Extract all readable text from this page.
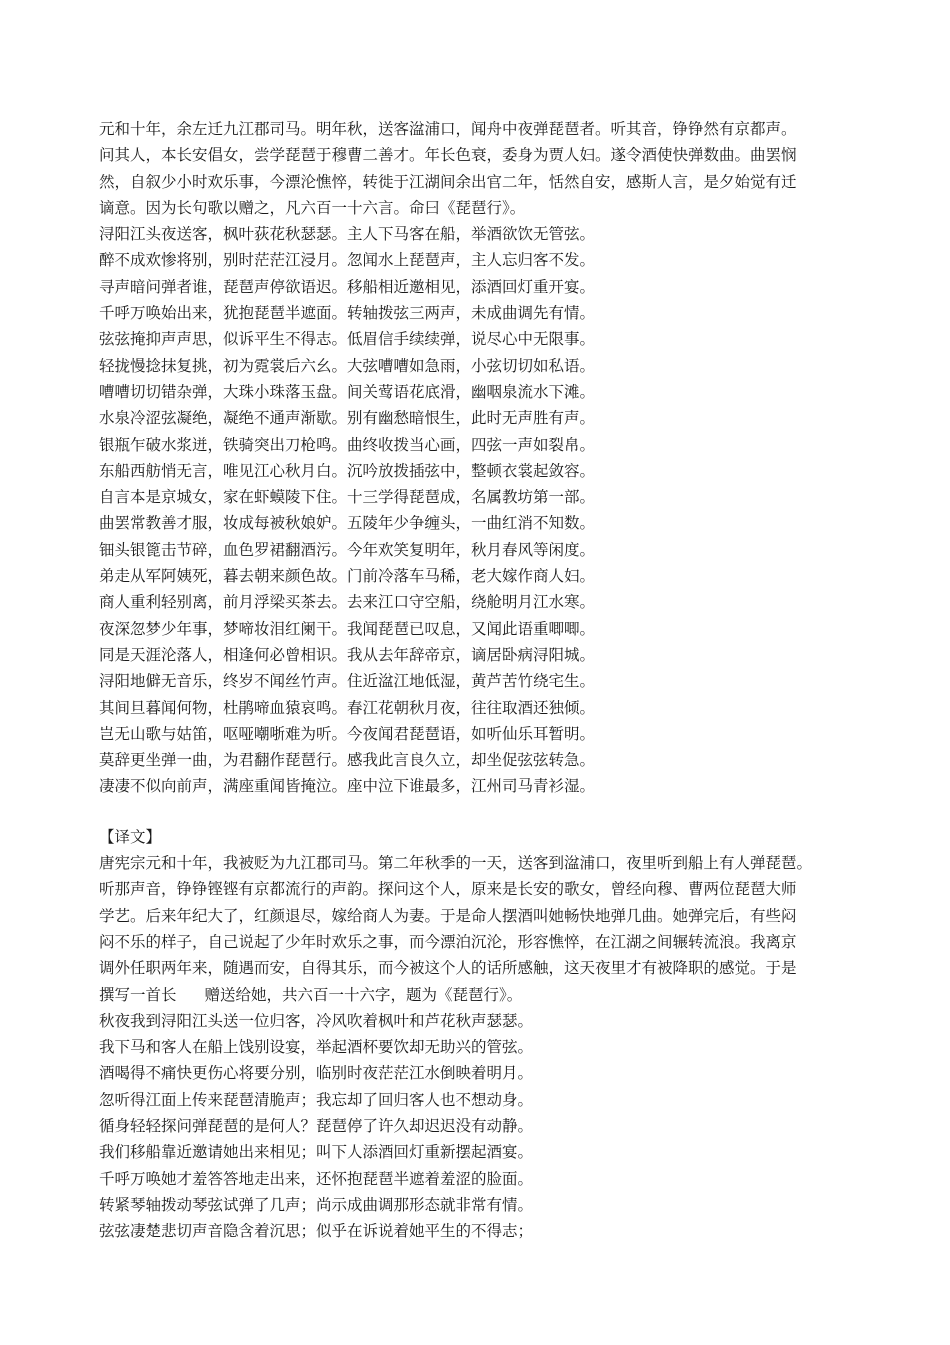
元和十年，余左迁九江郡司马。明年秋，送客湓浦口，闻舟中夜弹琵琶者。听其音，铮铮然有京都声。

问其人，本长安倡女，尝学琵琶于穆曹二善才。年长色衰，委身为贾人妇。遂令酒使快弹数曲。曲罢悯

然，自叙少小时欢乐事，今漂沦憔悴，转徙于江湖间余出官二年，恬然自安，感斯人言，是夕始觉有迁

谪意。因为长句歌以赠之，凡六百一十六言。命曰《琵琶行》。

浔阳江头夜送客，枫叶荻花秋瑟瑟。主人下马客在船，举酒欲饮无管弦。

醉不成欢惨将别，别时茫茫江浸月。忽闻水上琵琶声，主人忘归客不发。

寻声暗问弹者谁，琵琶声停欲语迟。移船相近邀相见，添酒回灯重开宴。

千呼万唤始出来，犹抱琵琶半遮面。转轴拨弦三两声，未成曲调先有情。

弦弦掩抑声声思，似诉平生不得志。低眉信手续续弹，说尽心中无限事。

轻拢慢捻抹复挑，初为霓裳后六幺。大弦嘈嘈如急雨，小弦切切如私语。

嘈嘈切切错杂弹，大珠小珠落玉盘。间关莺语花底滑，幽咽泉流水下滩。

水泉冷涩弦凝绝，凝绝不通声渐歇。别有幽愁暗恨生，此时无声胜有声。

银瓶乍破水浆迸，铁骑突出刀枪鸣。曲终收拨当心画，四弦一声如裂帛。

东船西舫悄无言，唯见江心秋月白。沉吟放拨插弦中，整顿衣裳起敛容。

自言本是京城女，家在虾蟆陵下住。十三学得琵琶成，名属教坊第一部。

曲罢常教善才服，妆成每被秋娘妒。五陵年少争缠头，一曲红消不知数。

钿头银篦击节碎，血色罗裙翻酒污。今年欢笑复明年，秋月春风等闲度。

弟走从军阿姨死，暮去朝来颜色故。门前冷落车马稀，老大嫁作商人妇。

商人重利轻别离，前月浮梁买茶去。去来江口守空船，绕舱明月江水寒。

夜深忽梦少年事，梦啼妆泪红阑干。我闻琵琶已叹息，又闻此语重唧唧。

同是天涯沦落人，相逢何必曾相识。我从去年辞帝京，谪居卧病浔阳城。

浔阳地僻无音乐，终岁不闻丝竹声。住近湓江地低湿，黄芦苦竹绕宅生。

其间旦暮闻何物，杜鹃啼血猿哀鸣。春江花朝秋月夜，往往取酒还独倾。

岂无山歌与姑笛，呕哑嘲哳难为听。今夜闻君琵琶语，如听仙乐耳暂明。

莫辞更坐弹一曲，为君翻作琵琶行。感我此言良久立，却坐促弦弦转急。

凄凄不似向前声，满座重闻皆掩泣。座中泣下谁最多，江州司马青衫湿。

【译文】

唐宪宗元和十年，我被贬为九江郡司马。第二年秋季的一天，送客到湓浦口，夜里听到船上有人弹琵琶。

听那声音，铮铮铿铿有京都流行的声韵。探问这个人，原来是长安的歌女，曾经向穆、曹两位琵琶大师

学艺。后来年纪大了，红颜退尽，嫁给商人为妻。于是命人摆酒叫她畅快地弹几曲。她弹完后，有些闷

闷不乐的样子，自己说起了少年时欢乐之事，而今漂泊沉沦，形容憔悴，在江湖之间辗转流浪。我离京

调外任职两年来，随遇而安，自得其乐，而今被这个人的话所感触，这天夜里才有被降职的感觉。于是

撰写一首长 赠送给她，共六百一十六字，题为《琵琶行》。

秋夜我到浔阳江头送一位归客，冷风吹着枫叶和芦花秋声瑟瑟。

我下马和客人在船上饯别设宴，举起酒杯要饮却无助兴的管弦。

酒喝得不痛快更伤心将要分别，临别时夜茫茫江水倒映着明月。

忽听得江面上传来琵琶清脆声；我忘却了回归客人也不想动身。

循身轻轻探问弹琵琶的是何人？琵琶停了许久却迟迟没有动静。

我们移船靠近邀请她出来相见；叫下人添酒回灯重新摆起酒宴。

千呼万唤她才羞答答地走出来，还怀抱琵琶半遮着羞涩的脸面。

转紧琴轴拨动琴弦试弹了几声；尚示成曲调那形态就非常有情。

弦弦凄楚悲切声音隐含着沉思；似乎在诉说着她平生的不得志；
